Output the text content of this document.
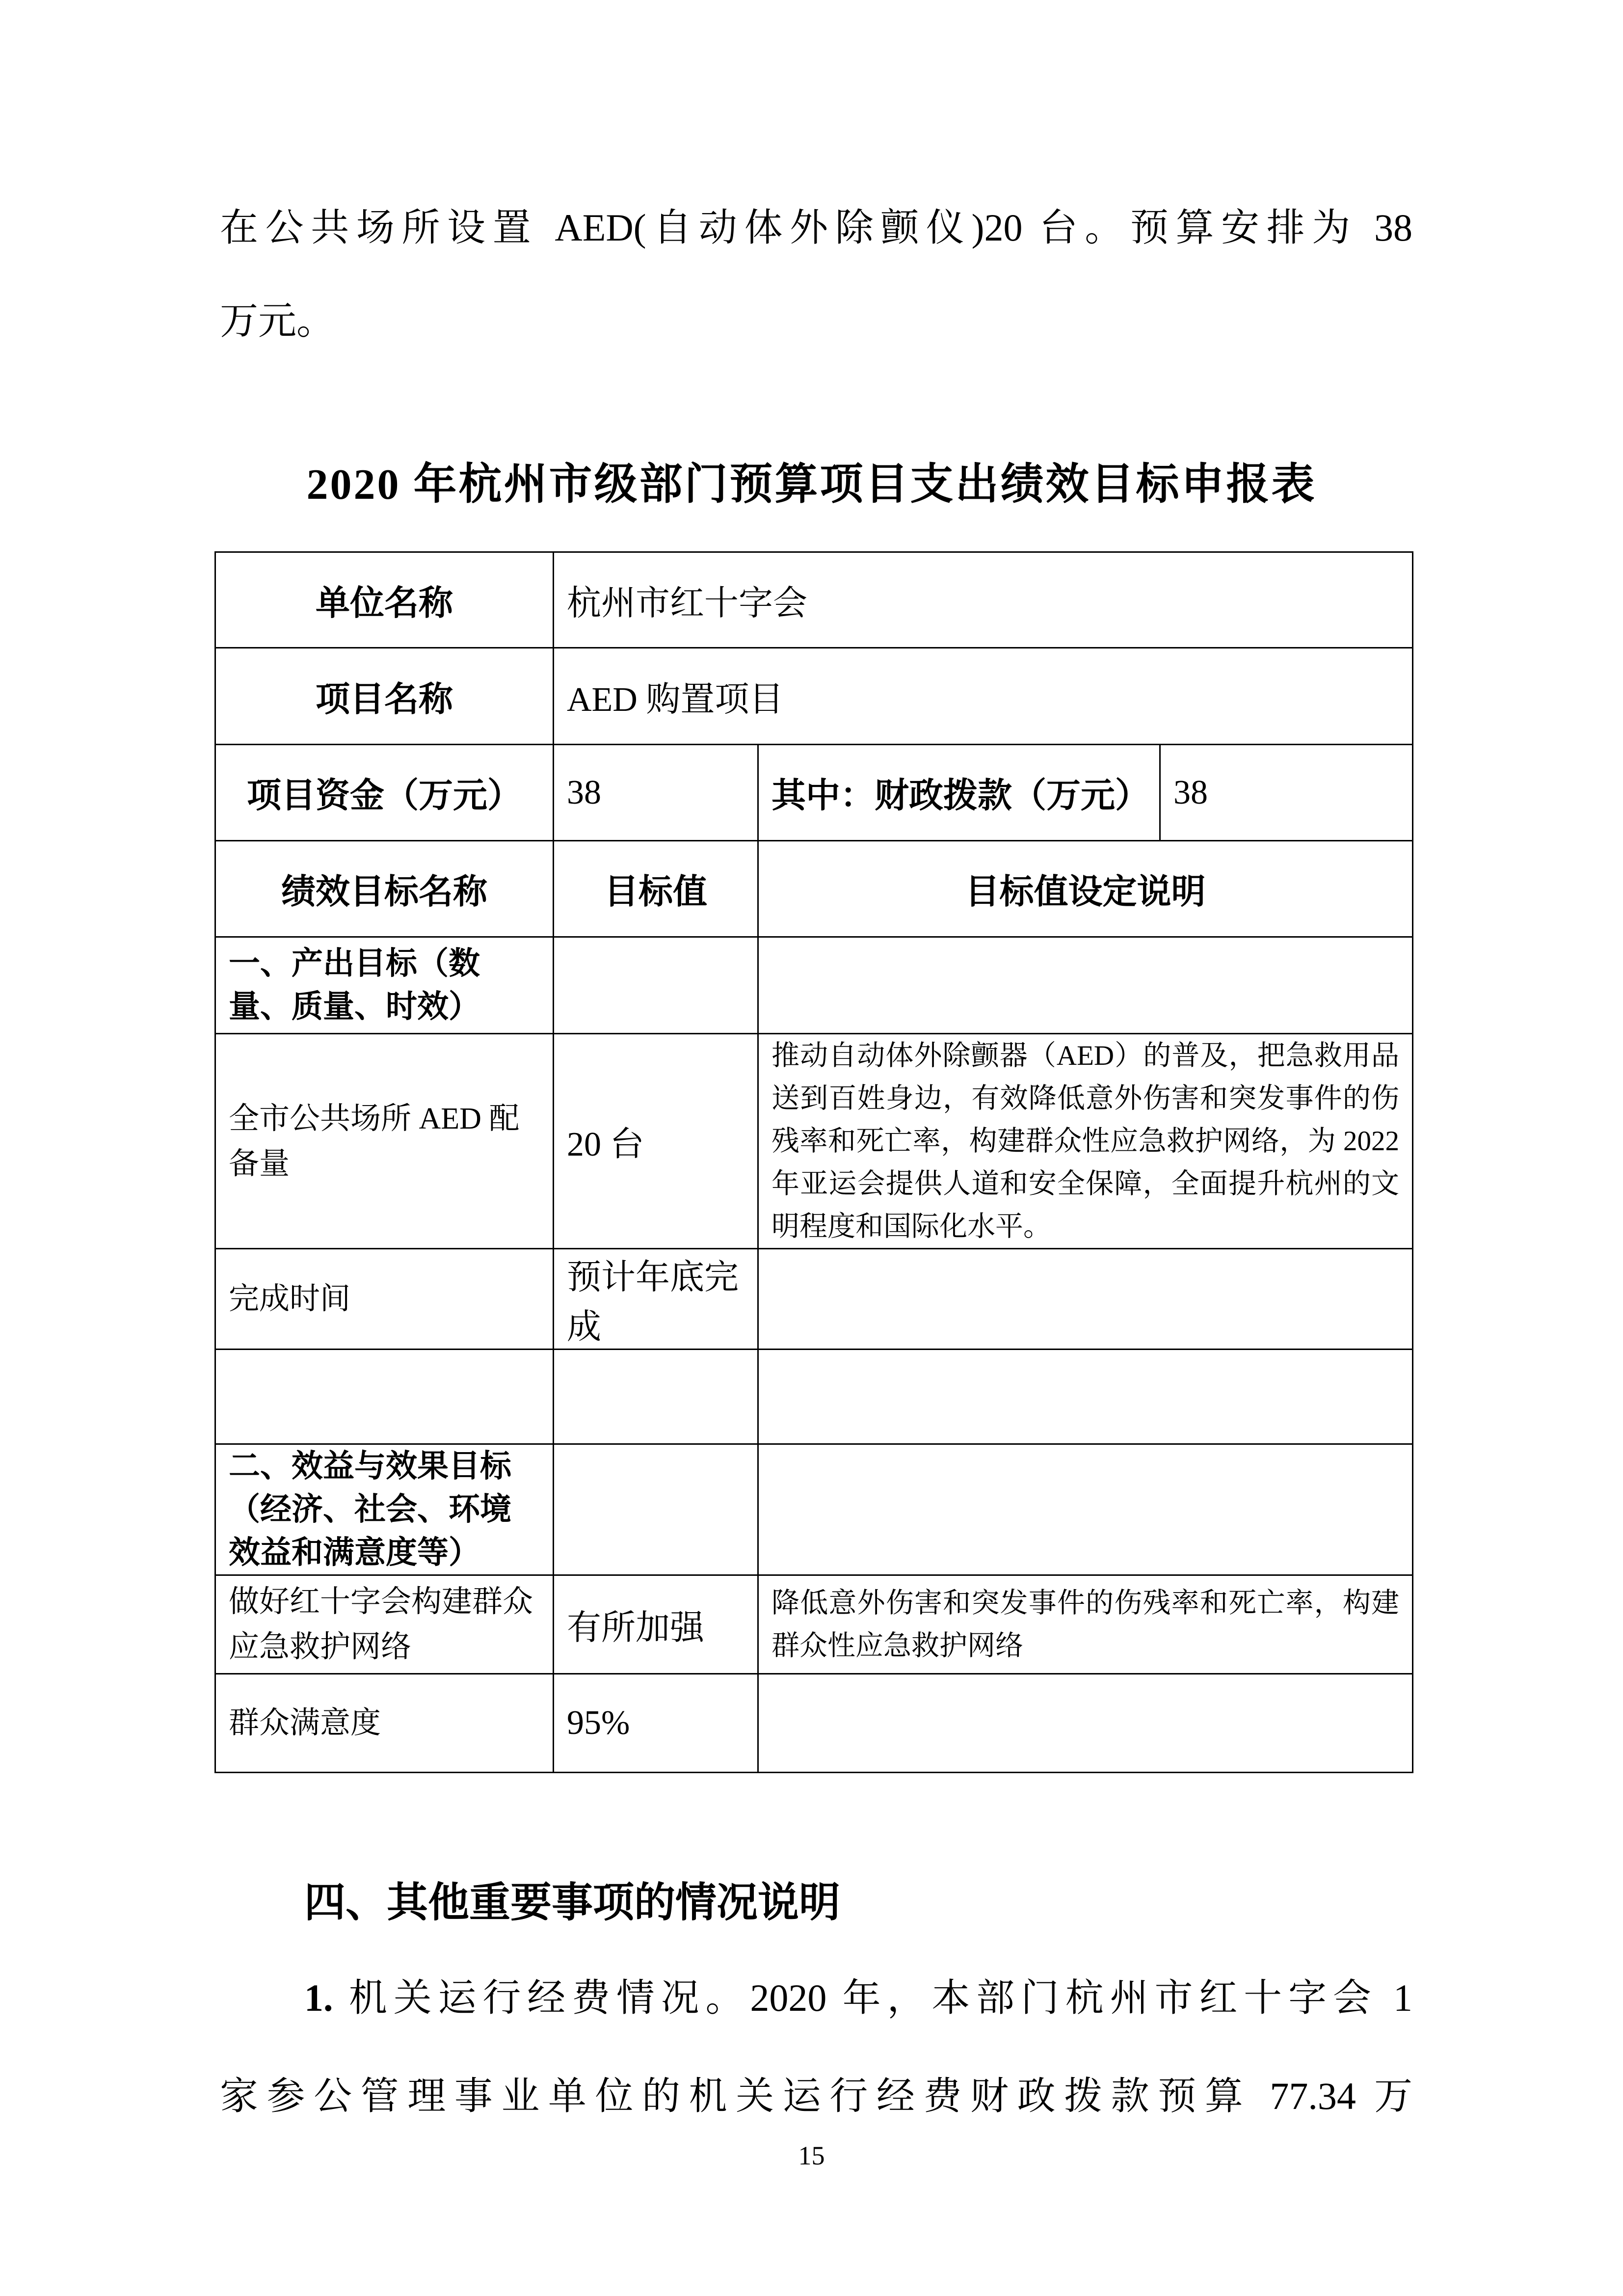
在公共场所设置 AED(自动体外除颤仪)20 台。预算安排为 38
万元。
2020 年杭州市级部门预算项目支出绩效目标申报表
单位名称	杭州市红十字会		
项目名称	AED 购置项目		
项目资金（万元）	38	其中：财政拨款（万元）	38
绩效目标名称	目标值	目标值设定说明	
一、产出目标（数量、质量、时效）			
全市公共场所 AED 配备量	20 台	推动自动体外除颤器（AED）的普及，把急救用品送到百姓身边，有效降低意外伤害和突发事件的伤残率和死亡率，构建群众性应急救护网络，为 2022 年亚运会提供人道和安全保障，全面提升杭州的文明程度和国际化水平。	
完成时间	预计年底完成		

二、效益与效果目标（经济、社会、环境效益和满意度等）			
做好红十字会构建群众应急救护网络	有所加强	降低意外伤害和突发事件的伤残率和死亡率，构建群众性应急救护网络	
群众满意度	95%		
四、其他重要事项的情况说明
1. 机关运行经费情况。2020 年，本部门杭州市红十字会 1
家参公管理事业单位的机关运行经费财政拨款预算 77.34 万
15
